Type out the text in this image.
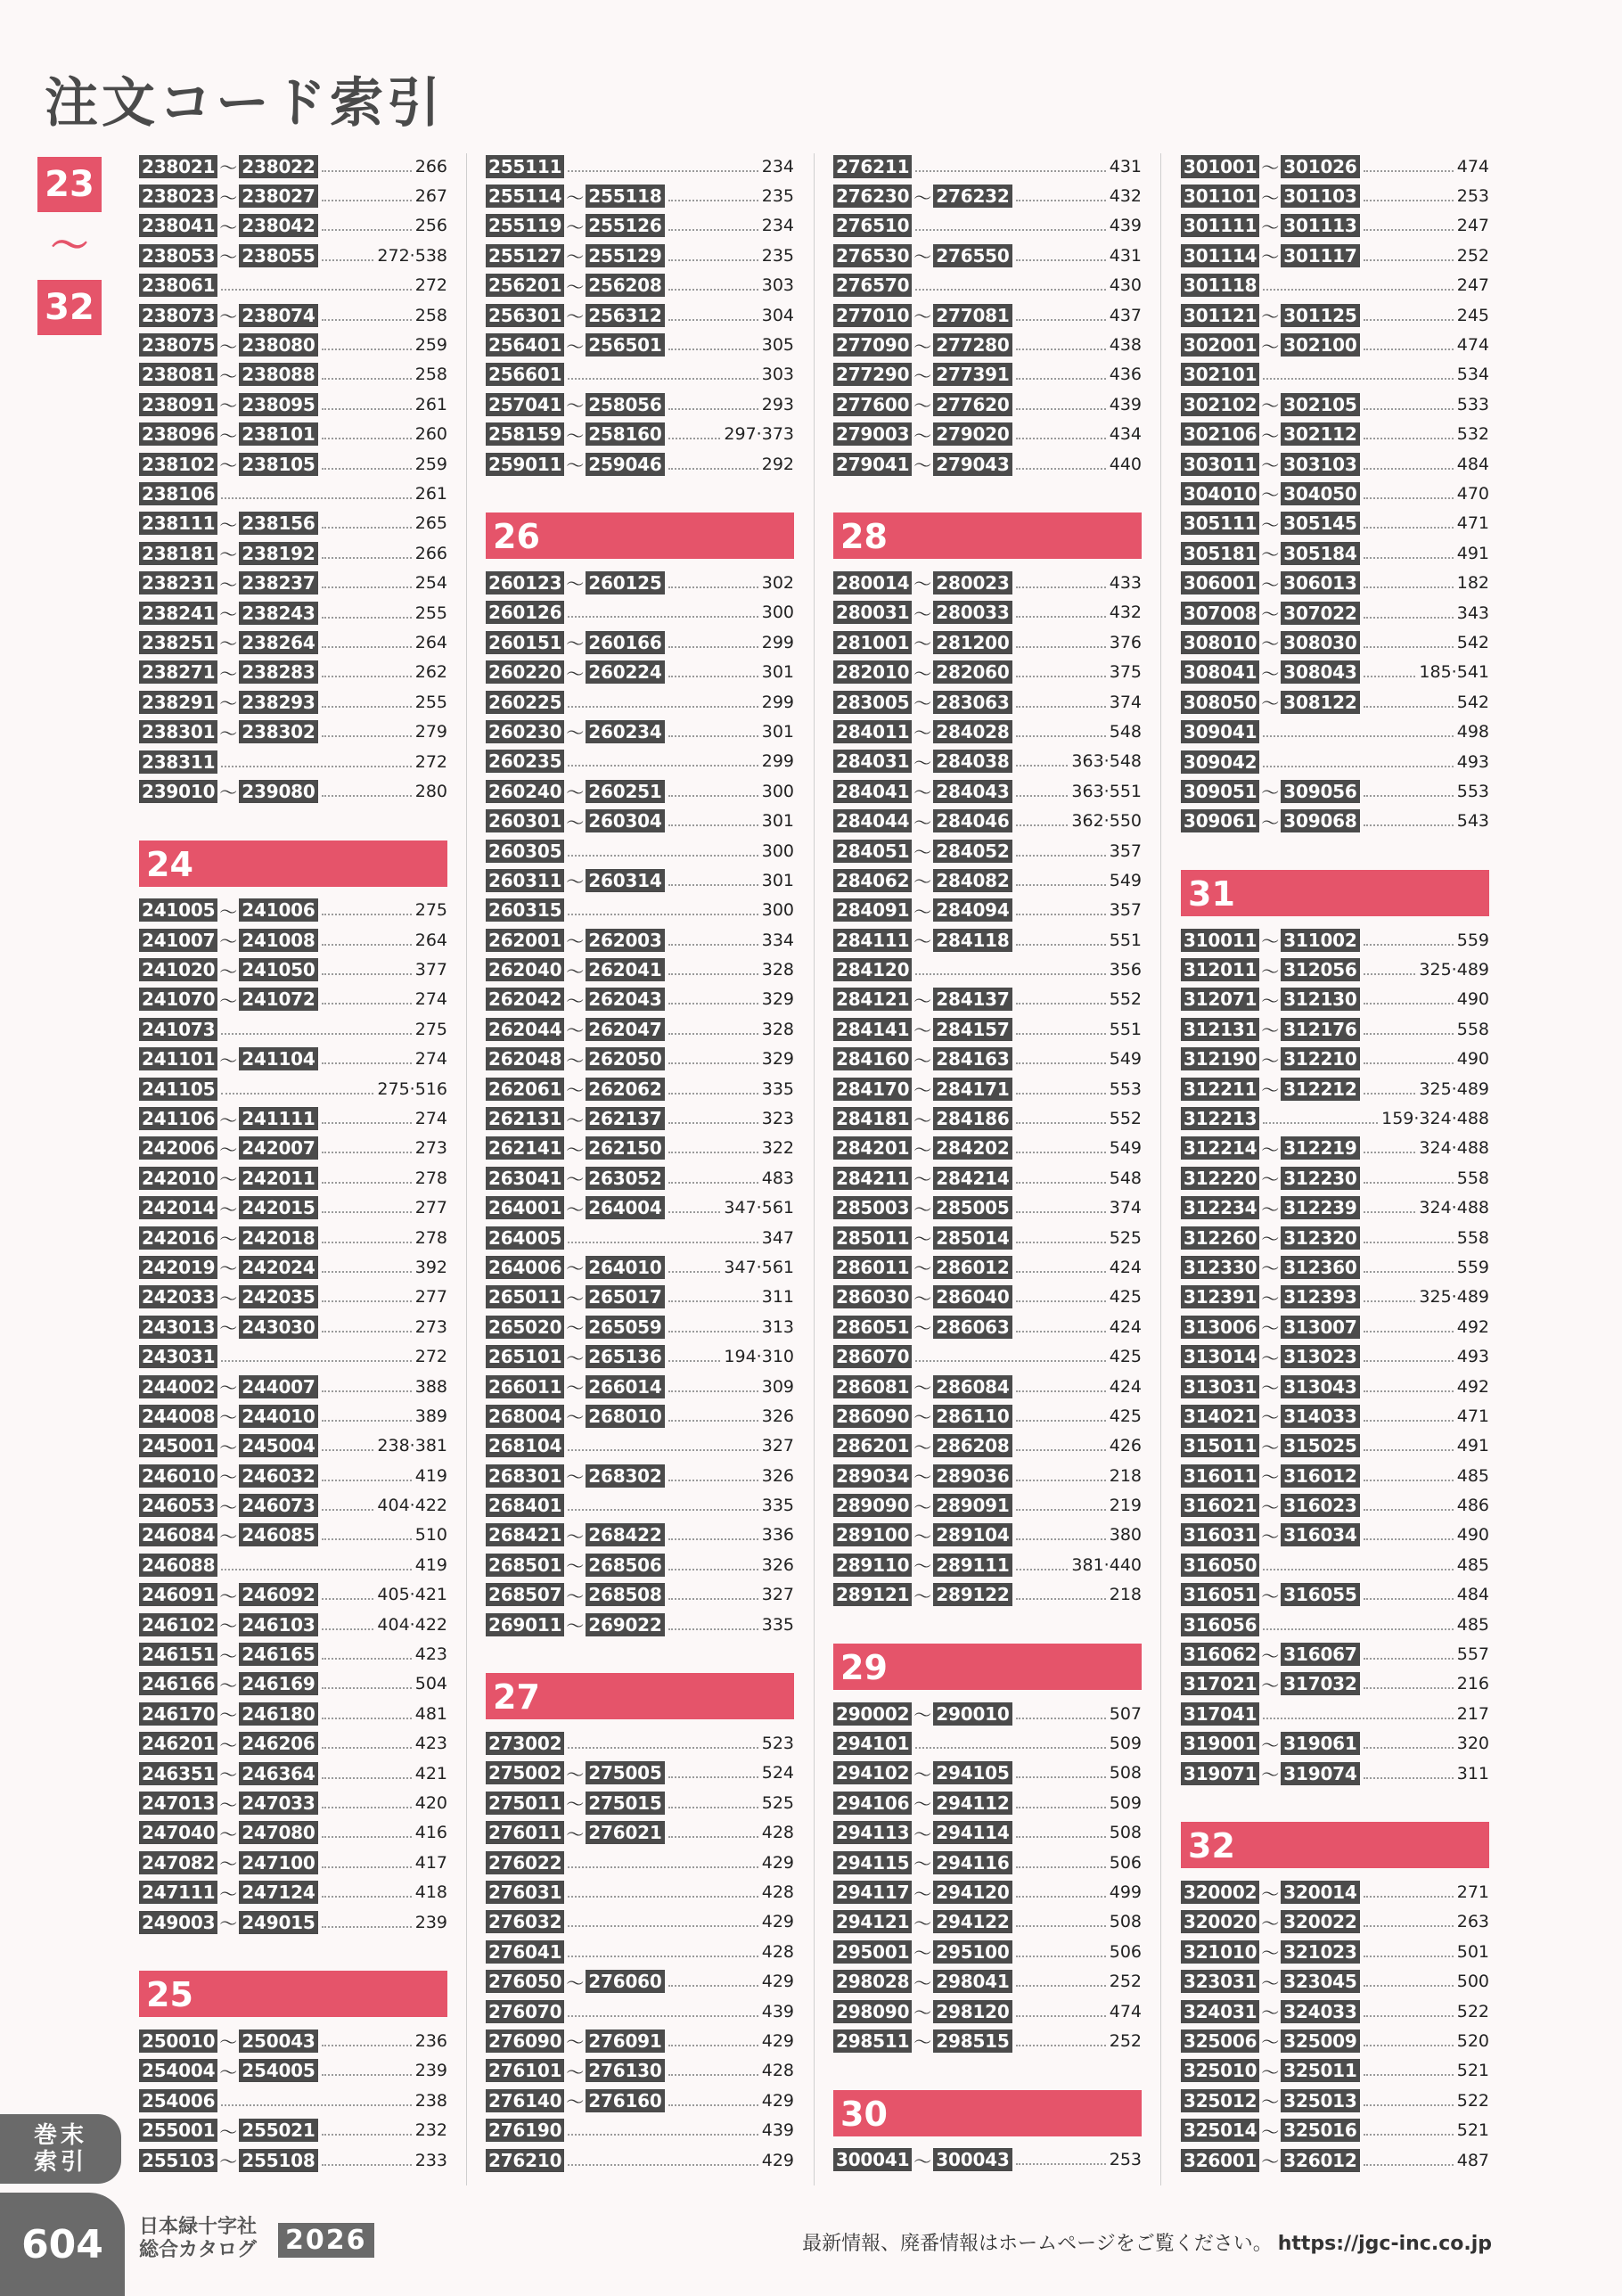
注文コード索引
23
〜
32
238021 〜 238022	266
238023 〜 238027	267
238041 〜 238042	256
238053 〜 238055	272·538
238061	272
238073 〜 238074	258
238075 〜 238080	259
238081 〜 238088	258
238091 〜 238095	261
238096 〜 238101	260
238102 〜 238105	259
238106	261
238111 〜 238156	265
238181 〜 238192	266
238231 〜 238237	254
238241 〜 238243	255
238251 〜 238264	264
238271 〜 238283	262
238291 〜 238293	255
238301 〜 238302	279
238311	272
239010 〜 239080	280
24
241005 〜 241006	275
241007 〜 241008	264
241020 〜 241050	377
241070 〜 241072	274
241073	275
241101 〜 241104	274
241105	275·516
241106 〜 241111	274
242006 〜 242007	273
242010 〜 242011	278
242014 〜 242015	277
242016 〜 242018	278
242019 〜 242024	392
242033 〜 242035	277
243013 〜 243030	273
243031	272
244002 〜 244007	388
244008 〜 244010	389
245001 〜 245004	238·381
246010 〜 246032	419
246053 〜 246073	404·422
246084 〜 246085	510
246088	419
246091 〜 246092	405·421
246102 〜 246103	404·422
246151 〜 246165	423
246166 〜 246169	504
246170 〜 246180	481
246201 〜 246206	423
246351 〜 246364	421
247013 〜 247033	420
247040 〜 247080	416
247082 〜 247100	417
247111 〜 247124	418
249003 〜 249015	239
25
250010 〜 250043	236
254004 〜 254005	239
254006	238
255001 〜 255021	232
255103 〜 255108	233
255111	234
255114 〜 255118	235
255119 〜 255126	234
255127 〜 255129	235
256201 〜 256208	303
256301 〜 256312	304
256401 〜 256501	305
256601	303
257041 〜 258056	293
258159 〜 258160	297·373
259011 〜 259046	292
26
260123 〜 260125	302
260126	300
260151 〜 260166	299
260220 〜 260224	301
260225	299
260230 〜 260234	301
260235	299
260240 〜 260251	300
260301 〜 260304	301
260305	300
260311 〜 260314	301
260315	300
262001 〜 262003	334
262040 〜 262041	328
262042 〜 262043	329
262044 〜 262047	328
262048 〜 262050	329
262061 〜 262062	335
262131 〜 262137	323
262141 〜 262150	322
263041 〜 263052	483
264001 〜 264004	347·561
264005	347
264006 〜 264010	347·561
265011 〜 265017	311
265020 〜 265059	313
265101 〜 265136	194·310
266011 〜 266014	309
268004 〜 268010	326
268104	327
268301 〜 268302	326
268401	335
268421 〜 268422	336
268501 〜 268506	326
268507 〜 268508	327
269011 〜 269022	335
27
273002	523
275002 〜 275005	524
275011 〜 275015	525
276011 〜 276021	428
276022	429
276031	428
276032	429
276041	428
276050 〜 276060	429
276070	439
276090 〜 276091	429
276101 〜 276130	428
276140 〜 276160	429
276190	439
276210	429
276211	431
276230 〜 276232	432
276510	439
276530 〜 276550	431
276570	430
277010 〜 277081	437
277090 〜 277280	438
277290 〜 277391	436
277600 〜 277620	439
279003 〜 279020	434
279041 〜 279043	440
28
280014 〜 280023	433
280031 〜 280033	432
281001 〜 281200	376
282010 〜 282060	375
283005 〜 283063	374
284011 〜 284028	548
284031 〜 284038	363·548
284041 〜 284043	363·551
284044 〜 284046	362·550
284051 〜 284052	357
284062 〜 284082	549
284091 〜 284094	357
284111 〜 284118	551
284120	356
284121 〜 284137	552
284141 〜 284157	551
284160 〜 284163	549
284170 〜 284171	553
284181 〜 284186	552
284201 〜 284202	549
284211 〜 284214	548
285003 〜 285005	374
285011 〜 285014	525
286011 〜 286012	424
286030 〜 286040	425
286051 〜 286063	424
286070	425
286081 〜 286084	424
286090 〜 286110	425
286201 〜 286208	426
289034 〜 289036	218
289090 〜 289091	219
289100 〜 289104	380
289110 〜 289111	381·440
289121 〜 289122	218
29
290002 〜 290010	507
294101	509
294102 〜 294105	508
294106 〜 294112	509
294113 〜 294114	508
294115 〜 294116	506
294117 〜 294120	499
294121 〜 294122	508
295001 〜 295100	506
298028 〜 298041	252
298090 〜 298120	474
298511 〜 298515	252
30
300041 〜 300043	253
301001 〜 301026	474
301101 〜 301103	253
301111 〜 301113	247
301114 〜 301117	252
301118	247
301121 〜 301125	245
302001 〜 302100	474
302101	534
302102 〜 302105	533
302106 〜 302112	532
303011 〜 303103	484
304010 〜 304050	470
305111 〜 305145	471
305181 〜 305184	491
306001 〜 306013	182
307008 〜 307022	343
308010 〜 308030	542
308041 〜 308043	185·541
308050 〜 308122	542
309041	498
309042	493
309051 〜 309056	553
309061 〜 309068	543
31
310011 〜 311002	559
312011 〜 312056	325·489
312071 〜 312130	490
312131 〜 312176	558
312190 〜 312210	490
312211 〜 312212	325·489
312213	159·324·488
312214 〜 312219	324·488
312220 〜 312230	558
312234 〜 312239	324·488
312260 〜 312320	558
312330 〜 312360	559
312391 〜 312393	325·489
313006 〜 313007	492
313014 〜 313023	493
313031 〜 313043	492
314021 〜 314033	471
315011 〜 315025	491
316011 〜 316012	485
316021 〜 316023	486
316031 〜 316034	490
316050	485
316051 〜 316055	484
316056	485
316062 〜 316067	557
317021 〜 317032	216
317041	217
319001 〜 319061	320
319071 〜 319074	311
32
320002 〜 320014	271
320020 〜 320022	263
321010 〜 321023	501
323031 〜 323045	500
324031 〜 324033	522
325006 〜 325009	520
325010 〜 325011	521
325012 〜 325013	522
325014 〜 325016	521
326001 〜 326012	487
巻末
索引
604	日本緑十字社
総合カタログ 2026	最新情報、廃番情報はホームページをご覧ください。 https://jgc-inc.co.jp
